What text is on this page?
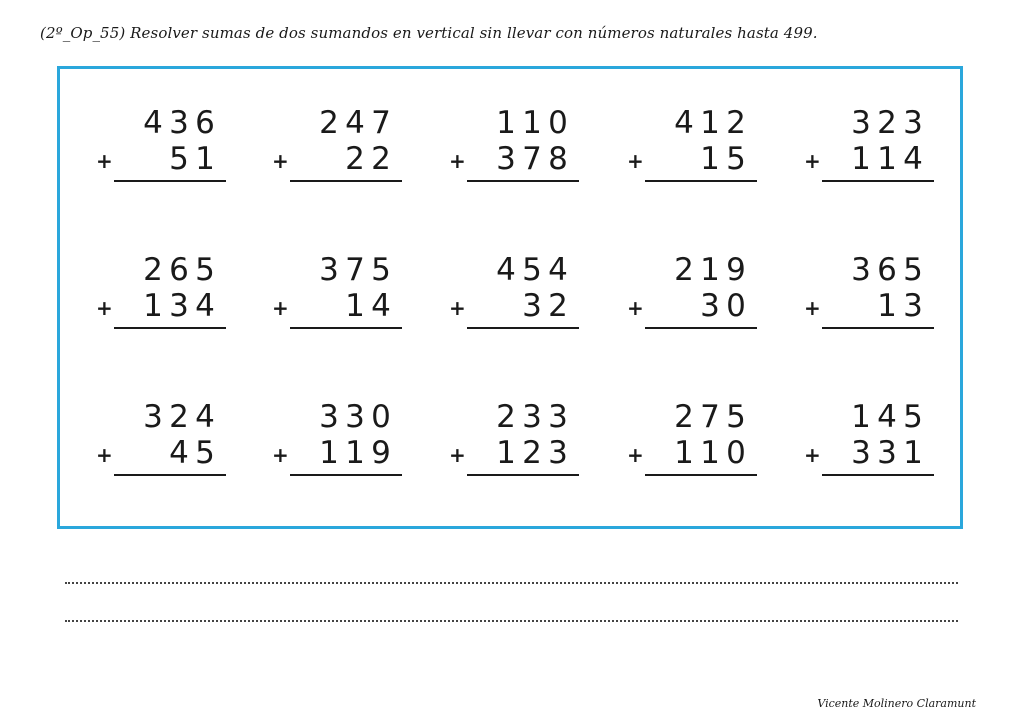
(2º_Op_55) Resolver sumas de dos sumandos en vertical sin llevar con números naturales hasta 499.
4 3 6
5 1
+
2 4 7
2 2
+
1 1 0
3 7 8
+
4 1 2
1 5
+
3 2 3
1 1 4
+
2 6 5
1 3 4
+
3 7 5
1 4
+
4 5 4
3 2
+
2 1 9
3 0
+
3 6 5
1 3
+
3 2 4
4 5
+
3 3 0
1 1 9
+
2 3 3
1 2 3
+
2 7 5
1 1 0
+
1 4 5
3 3 1
+
Vicente Molinero Claramunt
